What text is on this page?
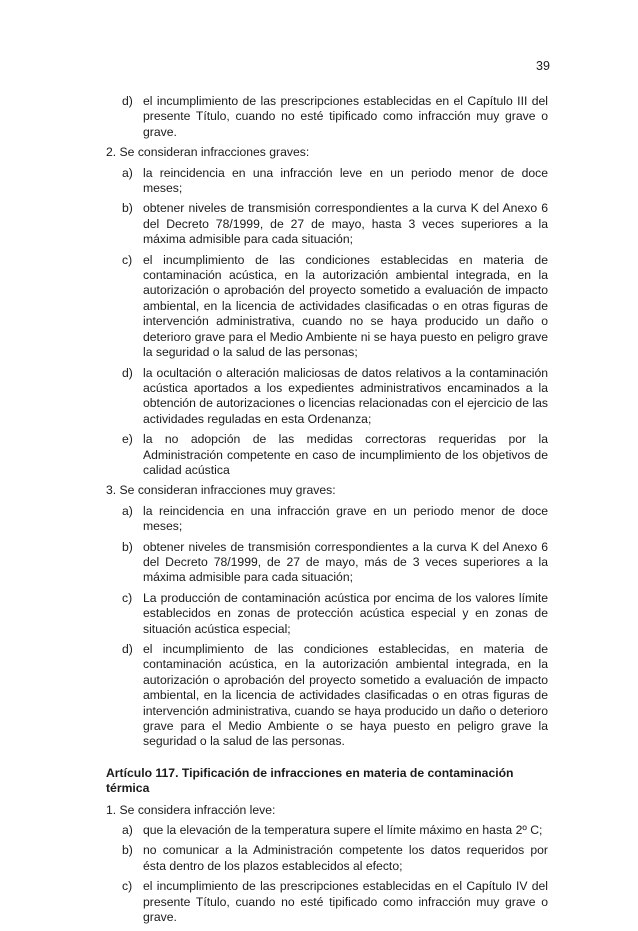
39
d) el incumplimiento de las prescripciones establecidas en el Capítulo III del presente Título, cuando no esté tipificado como infracción muy grave o grave.
2. Se consideran infracciones graves:
a) la reincidencia en una infracción leve en un periodo menor de doce meses;
b) obtener niveles de transmisión correspondientes a la curva K del Anexo 6 del Decreto 78/1999, de 27 de mayo, hasta 3 veces superiores a la máxima admisible para cada situación;
c) el incumplimiento de las condiciones establecidas en materia de contaminación acústica, en la autorización ambiental integrada, en la autorización o aprobación del proyecto sometido a evaluación de impacto ambiental, en la licencia de actividades clasificadas o en otras figuras de intervención administrativa, cuando no se haya producido un daño o deterioro grave para el Medio Ambiente ni se haya puesto en peligro grave la seguridad o la salud de las personas;
d) la ocultación o alteración maliciosas de datos relativos a la contaminación acústica aportados a los expedientes administrativos encaminados a la obtención de autorizaciones o licencias relacionadas con el ejercicio de las actividades reguladas en esta Ordenanza;
e) la no adopción de las medidas correctoras requeridas por la Administración competente en caso de incumplimiento de los objetivos de calidad acústica
3. Se consideran infracciones muy graves:
a) la reincidencia en una infracción grave en un periodo menor de doce meses;
b) obtener niveles de transmisión correspondientes a la curva K del Anexo 6 del Decreto 78/1999, de 27 de mayo, más de 3 veces superiores a la máxima admisible para cada situación;
c) La producción de contaminación acústica por encima de los valores límite establecidos en zonas de protección acústica especial y en zonas de situación acústica especial;
d) el incumplimiento de las condiciones establecidas, en materia de contaminación acústica, en la autorización ambiental integrada, en la autorización o aprobación del proyecto sometido a evaluación de impacto ambiental, en la licencia de actividades clasificadas o en otras figuras de intervención administrativa, cuando se haya producido un daño o deterioro grave para el Medio Ambiente o se haya puesto en peligro grave la seguridad o la salud de las personas.
Artículo 117. Tipificación de infracciones en materia de contaminación térmica
1. Se considera infracción leve:
a) que la elevación de la temperatura supere el límite máximo en hasta 2º C;
b) no comunicar a la Administración competente los datos requeridos por ésta dentro de los plazos establecidos al efecto;
c) el incumplimiento de las prescripciones establecidas en el Capítulo IV del presente Título, cuando no esté tipificado como infracción muy grave o grave.
